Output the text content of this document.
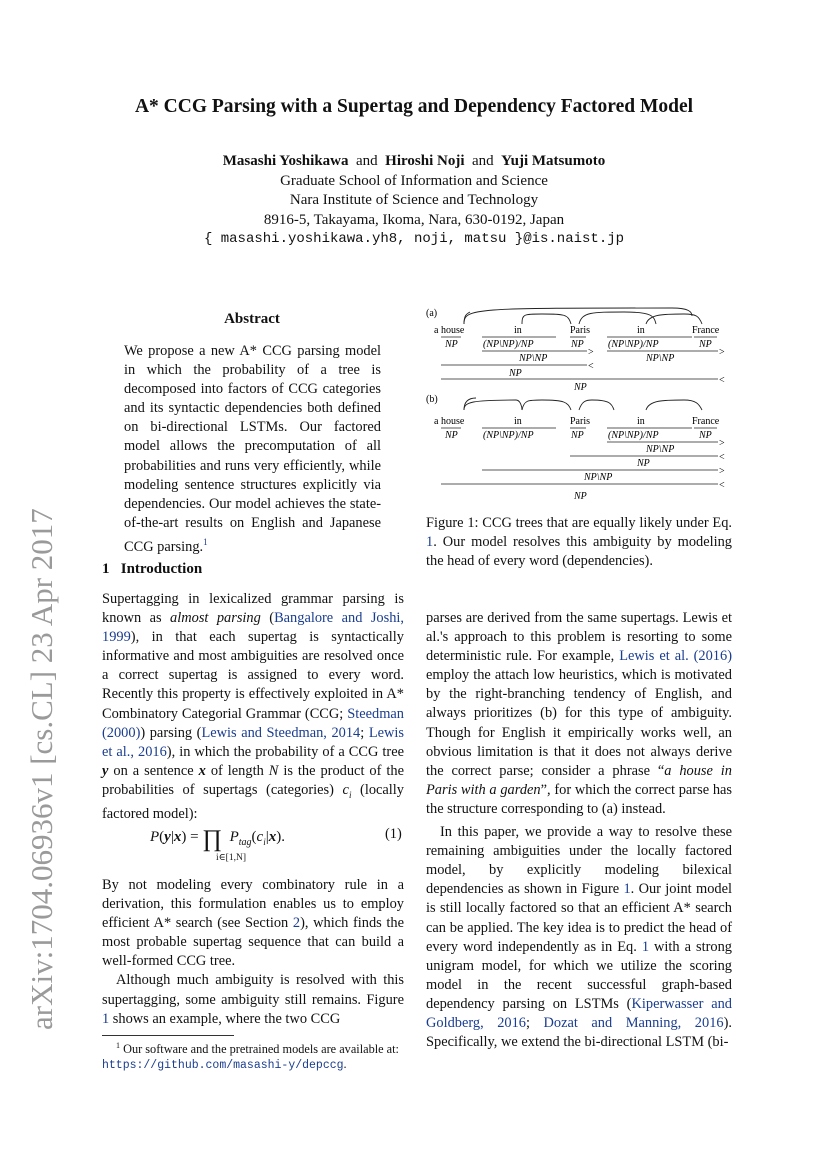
arXiv:1704.06936v1 [cs.CL] 23 Apr 2017
A* CCG Parsing with a Supertag and Dependency Factored Model
Masashi Yoshikawa and Hiroshi Noji and Yuji Matsumoto
Graduate School of Information and Science
Nara Institute of Science and Technology
8916-5, Takayama, Ikoma, Nara, 630-0192, Japan
{ masashi.yoshikawa.yh8, noji, matsu }@is.naist.jp
Abstract
We propose a new A* CCG parsing model in which the probability of a tree is decomposed into factors of CCG categories and its syntactic dependencies both defined on bi-directional LSTMs. Our factored model allows the precomputation of all probabilities and runs very efficiently, while modeling sentence structures explicitly via dependencies. Our model achieves the state-of-the-art results on English and Japanese CCG parsing.$^1$
1 Introduction

Supertagging in lexicalized grammar parsing is known as almost parsing (Bangalore and Joshi, 1999), in that each supertag is syntactically informative and most ambiguities are resolved once a correct supertag is assigned to every word. Recently this property is effectively exploited in A* Combinatory Categorial Grammar (CCG; Steedman (2000)) parsing (Lewis and Steedman, 2014; Lewis et al., 2016), in which the probability of a CCG tree y on a sentence x of length N is the product of the probabilities of supertags (categories) $c_i$ (locally factored model):

P(y|x) = ∏ $P_{tag}(c_i|x)$.
i∈[1,N]
(1)

By not modeling every combinatory rule in a derivation, this formulation enables us to employ efficient A* search (see Section 2), which finds the most probable supertag sequence that can build a well-formed CCG tree.

Although much ambiguity is resolved with this supertagging, some ambiguity still remains. Figure 1 shows an example, where the two CCG

$^1$ Our software and the pretrained models are available at:
https://github.com/masashi-y/depccg.
(a)
a house	in	Paris	in	France
NP	(NP\NP)/NP	NP (NP\NP)/NP	NP
>	>
<
<
NP\NP	NP\NP
NP
NP
(b)
a house	in	Paris	in	France
NP	(NP\NP)/NP	NP (NP\NP)/NP	NP
>
<
>
<
NP\NP
NP
NP\NP
NP
Figure 1: CCG trees that are equally likely under Eq. 1. Our model resolves this ambiguity by modeling the head of every word (dependencies).

parses are derived from the same supertags. Lewis et al.'s approach to this problem is resorting to some deterministic rule. For example, Lewis et al. (2016) employ the attach low heuristics, which is motivated by the right-branching tendency of English, and always prioritizes (b) for this type of ambiguity. Though for English it empirically works well, an obvious limitation is that it does not always derive the correct parse; consider a phrase “a house in Paris with a garden”, for which the correct parse has the structure corresponding to (a) instead.

In this paper, we provide a way to resolve these remaining ambiguities under the locally factored model, by explicitly modeling bilexical dependencies as shown in Figure 1. Our joint model is still locally factored so that an efficient A* search can be applied. The key idea is to predict the head of every word independently as in Eq. 1 with a strong unigram model, for which we utilize the scoring model in the recent successful graph-based dependency parsing on LSTMs (Kiperwasser and Goldberg, 2016; Dozat and Manning, 2016). Specifically, we extend the bi-directional LSTM (bi-
